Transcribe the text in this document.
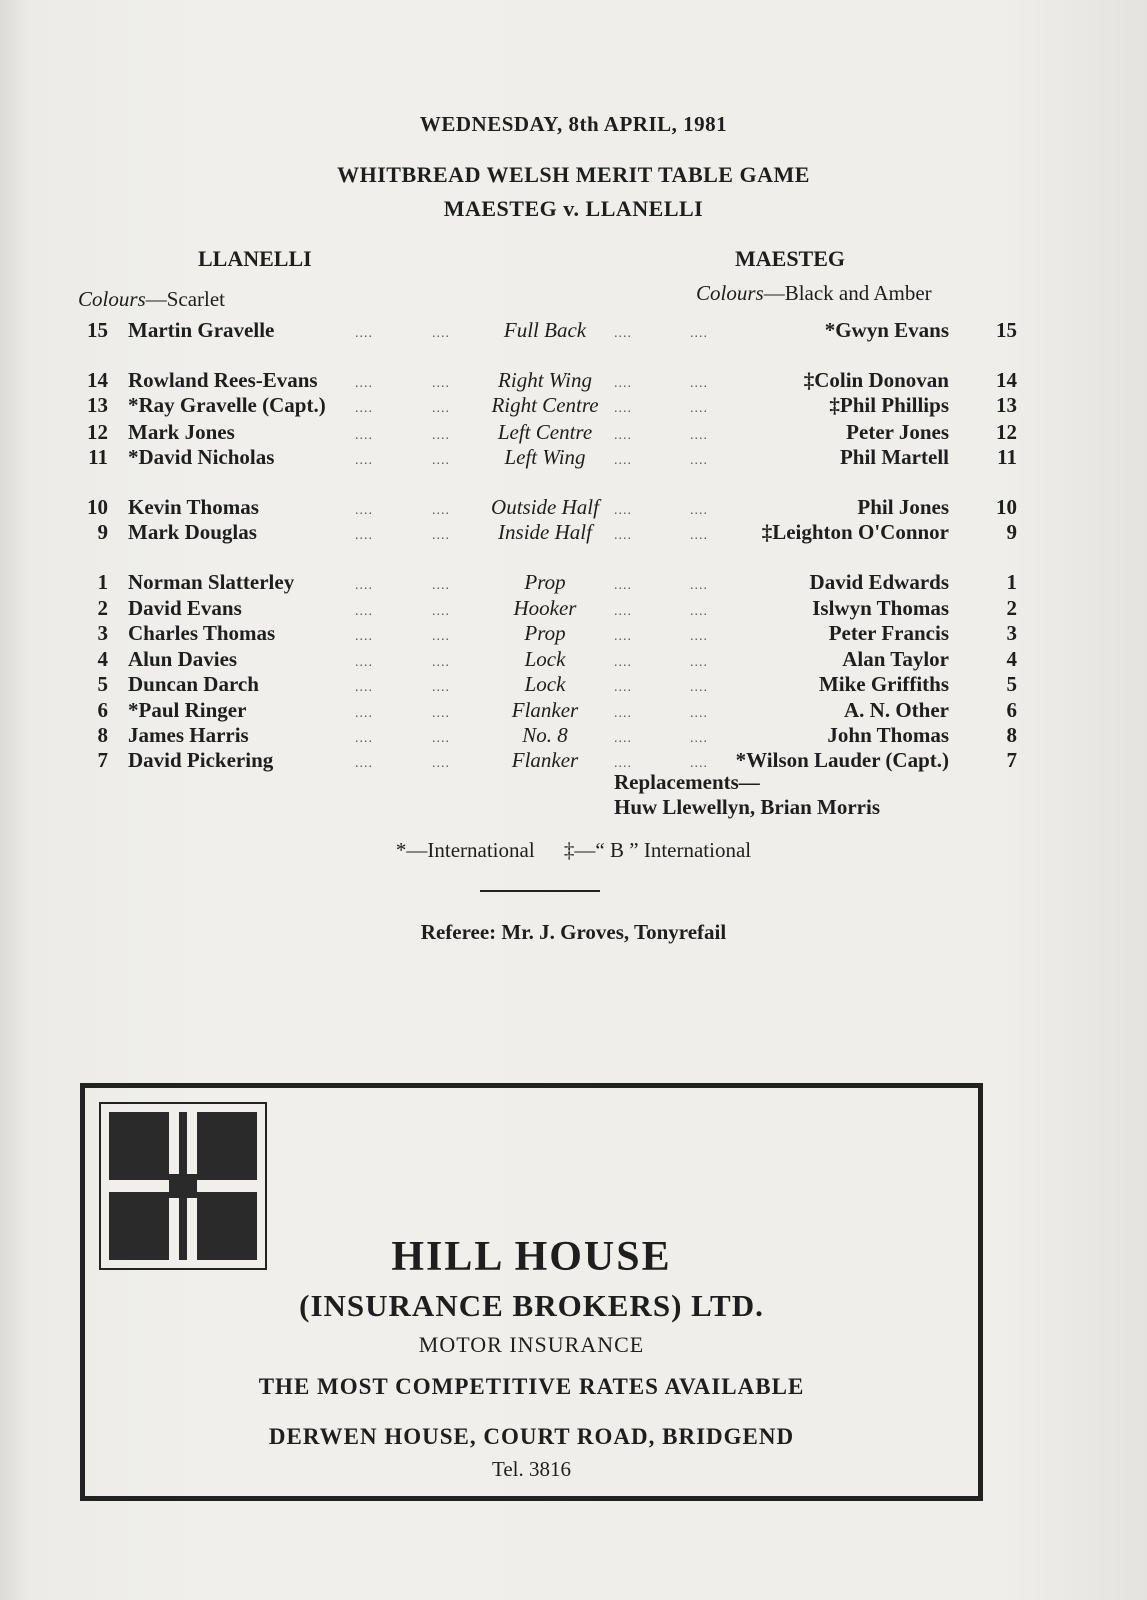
WEDNESDAY, 8th APRIL, 1981
WHITBREAD WELSH MERIT TABLE GAME
MAESTEG v. LLANELLI
LLANELLI	MAESTEG
Colours—Scarlet	Colours—Black and Amber
15 Martin Gravelle	....	....	Full Back	....	....	*Gwyn Evans	15
14 Rowland Rees-Evans	....	....	Right Wing	....	....	‡Colin Donovan	14
13 *Ray Gravelle (Capt.) ....	....	Right Centre	....	....	‡Phil Phillips	13
12 Mark Jones	....	....	Left Centre	....	....	Peter Jones	12
11 *David Nicholas	....	....	Left Wing	....	....	Phil Martell	11
10 Kevin Thomas	....	....	Outside Half	....	....	Phil Jones	10
9 Mark Douglas	....	....	Inside Half	....	....	‡Leighton O'Connor	9
1 Norman Slatterley	....	....	Prop	....	....	David Edwards	1
2 David Evans	....	....	Hooker	....	....	Islwyn Thomas	2
3 Charles Thomas	....	....	Prop	....	....	Peter Francis	3
4 Alun Davies	....	....	Lock	....	....	Alan Taylor	4
5 Duncan Darch	....	....	Lock	....	....	Mike Griffiths	5
6 *Paul Ringer	....	....	Flanker	....	....	A. N. Other	6
8 James Harris	....	....	No. 8	....	....	John Thomas	8
7 David Pickering	....	....	Flanker	....	.... *Wilson Lauder (Capt.)	7
Replacements—
Huw Llewellyn, Brian Morris
*—International ‡—“ B ” International
Referee: Mr. J. Groves, Tonyrefail
HILL HOUSE
(INSURANCE BROKERS) LTD.
MOTOR INSURANCE
THE MOST COMPETITIVE RATES AVAILABLE
DERWEN HOUSE, COURT ROAD, BRIDGEND
Tel. 3816
